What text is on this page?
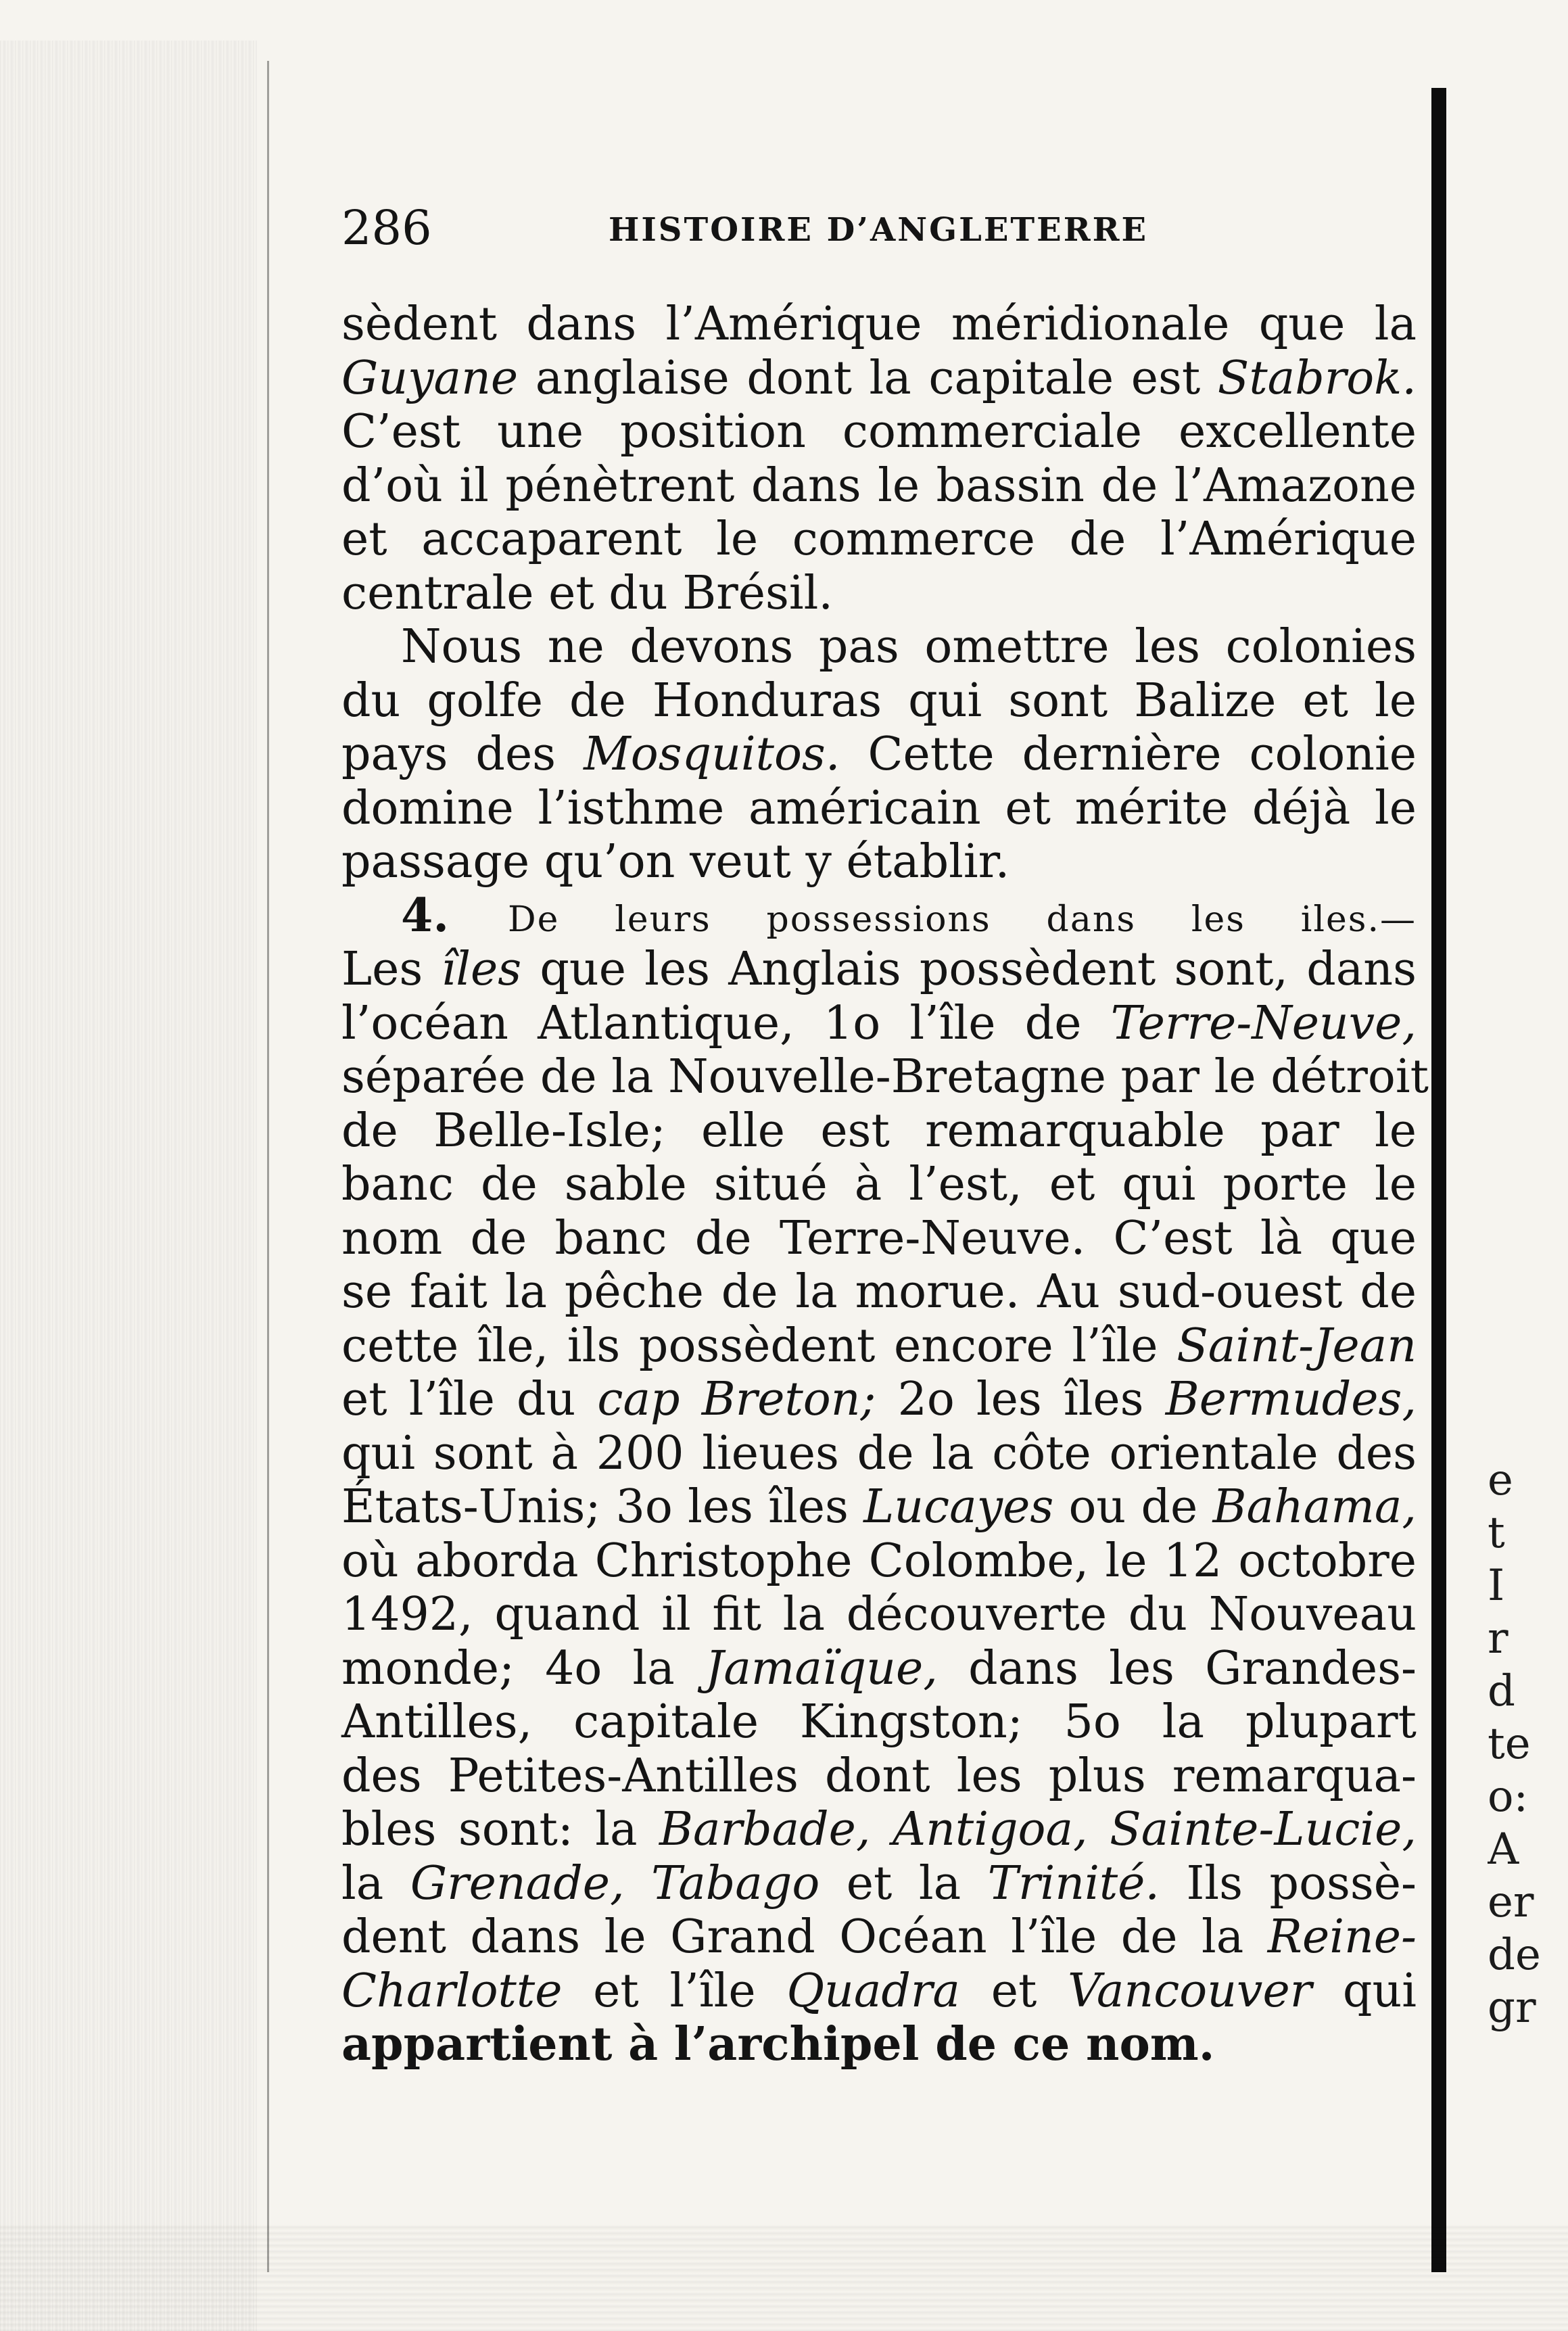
286	HISTOIRE D’ANGLETERRE
sèdent dans l’Amérique méridionale que la
Guyane anglaise dont la capitale est Stabrok.
C’est une position commerciale excellente
d’où il pénètrent dans le bassin de l’Amazone
et accaparent le commerce de l’Amérique
centrale et du Brésil.
Nous ne devons pas omettre les colonies
du golfe de Honduras qui sont Balize et le
pays des Mosquitos. Cette dernière colonie
domine l’isthme américain et mérite déjà le
passage qu’on veut y établir.
4. De leurs possessions dans les iles.—
Les îles que les Anglais possèdent sont, dans
l’océan Atlantique, 1o l’île de Terre-Neuve,
séparée de la Nouvelle-Bretagne par le détroit
de Belle-Isle; elle est remarquable par le
banc de sable situé à l’est, et qui porte le
nom de banc de Terre-Neuve. C’est là que
se fait la pêche de la morue. Au sud-ouest de
cette île, ils possèdent encore l’île Saint-Jean
et l’île du cap Breton; 2o les îles Bermudes,
qui sont à 200 lieues de la côte orientale des
États-Unis; 3o les îles Lucayes ou de Bahama,
où aborda Christophe Colombe, le 12 octobre
1492, quand il fit la découverte du Nouveau
monde; 4o la Jamaïque, dans les Grandes-
Antilles, capitale Kingston; 5o la plupart
des Petites-Antilles dont les plus remarqua-
bles sont: la Barbade, Antigoa, Sainte-Lucie,
la Grenade, Tabago et la Trinité. Ils possè-
dent dans le Grand Océan l’île de la Reine-
Charlotte et l’île Quadra et Vancouver qui
appartient à l’archipel de ce nom.
e
t
I
r
d
te
o:
A
er
de
gr
